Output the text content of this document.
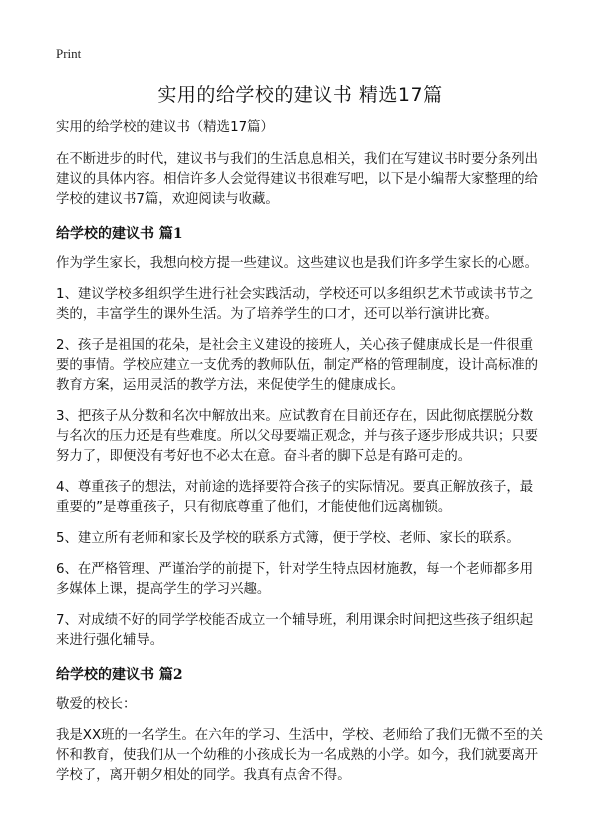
Print
实用的给学校的建议书 精选17篇

实用的给学校的建议书（精选17篇）

在不断进步的时代，建议书与我们的生活息息相关，我们在写建议书时要分条列出建议的具体内容。相信许多人会觉得建议书很难写吧，以下是小编帮大家整理的给学校的建议书7篇，欢迎阅读与收藏。

给学校的建议书 篇1

作为学生家长，我想向校方提一些建议。这些建议也是我们许多学生家长的心愿。

1、建议学校多组织学生进行社会实践活动，学校还可以多组织艺术节或读书节之类的，丰富学生的课外生活。为了培养学生的口才，还可以举行演讲比赛。

2、孩子是祖国的花朵，是社会主义建设的接班人，关心孩子健康成长是一件很重要的事情。学校应建立一支优秀的教师队伍，制定严格的管理制度，设计高标准的教育方案，运用灵活的教学方法，来促使学生的健康成长。

3、把孩子从分数和名次中解放出来。应试教育在目前还存在，因此彻底摆脱分数与名次的压力还是有些难度。所以父母要端正观念，并与孩子逐步形成共识；只要努力了，即便没有考好也不必太在意。奋斗者的脚下总是有路可走的。

4、尊重孩子的想法，对前途的选择要符合孩子的实际情况。要真正解放孩子，最重要的”是尊重孩子，只有彻底尊重了他们，才能使他们远离枷锁。

5、建立所有老师和家长及学校的联系方式簿，便于学校、老师、家长的联系。

6、在严格管理、严谨治学的前提下，针对学生特点因材施教，每一个老师都多用多媒体上课，提高学生的学习兴趣。

7、对成绩不好的同学学校能否成立一个辅导班，利用课余时间把这些孩子组织起来进行强化辅导。

给学校的建议书 篇2

敬爱的校长：

我是XX班的一名学生。在六年的学习、生活中，学校、老师给了我们无微不至的关怀和教育，使我们从一个幼稚的小孩成长为一名成熟的小学。如今，我们就要离开学校了，离开朝夕相处的同学。我真有点舍不得。
